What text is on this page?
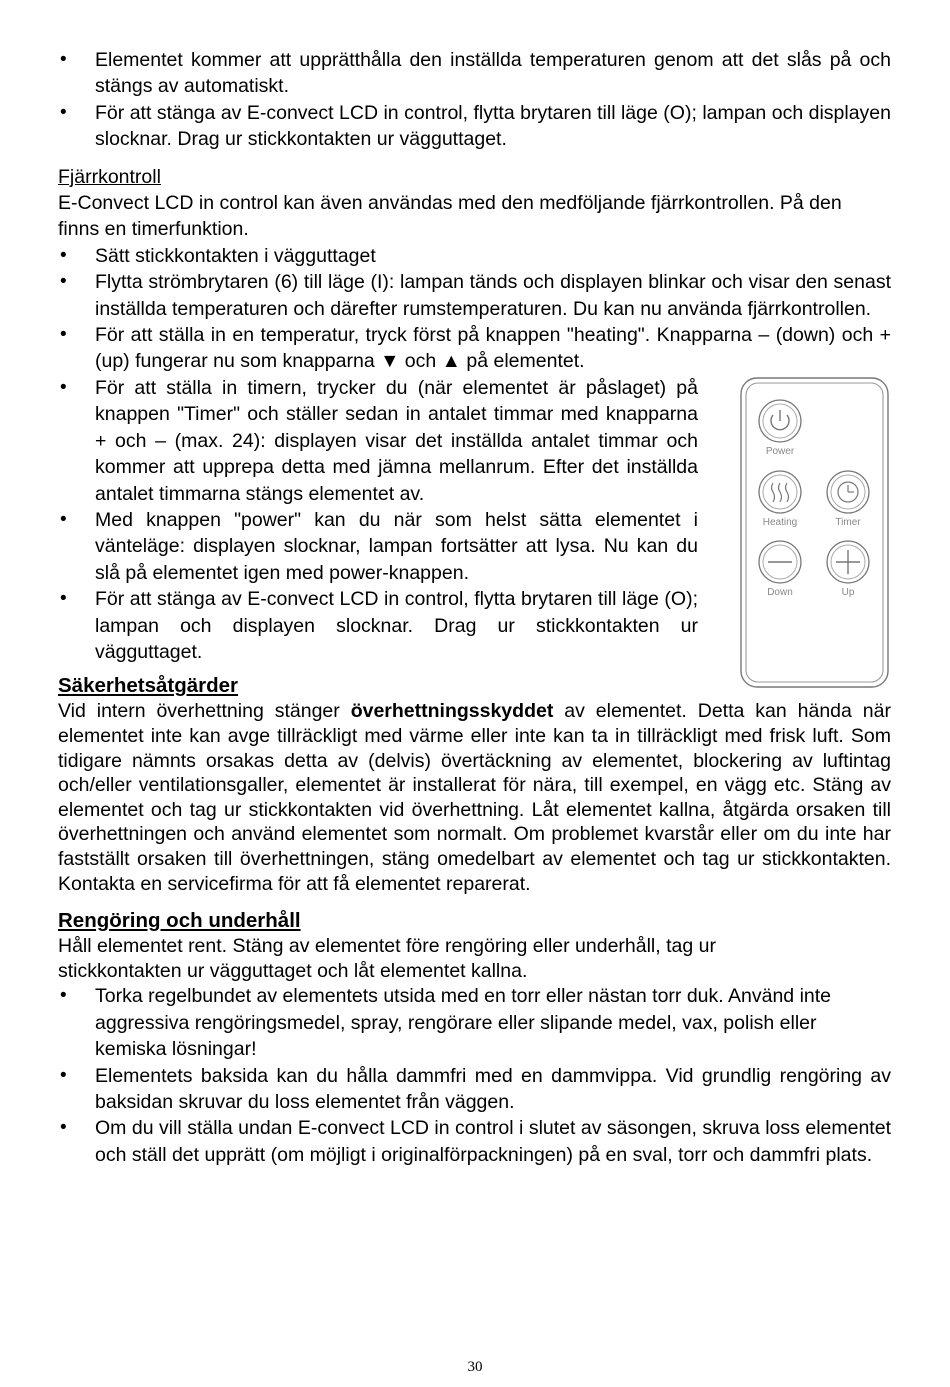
• Elementet kommer att upprätthålla den inställda temperaturen genom att det slås på och stängs av automatiskt.
• För att stänga av E-convect LCD in control, flytta brytaren till läge (O); lampan och displayen slocknar. Drag ur stickkontakten ur vägguttaget.

Fjärrkontroll

E-Convect LCD in control kan även användas med den medföljande fjärrkontrollen. På den finns en timerfunktion.

• Sätt stickkontakten i vägguttaget
• Flytta strömbrytaren (6) till läge (I): lampan tänds och displayen blinkar och visar den senast inställda temperaturen och därefter rumstemperaturen. Du kan nu använda fjärrkontrollen.
• För att ställa in en temperatur, tryck först på knappen "heating". Knapparna – (down) och + (up) fungerar nu som knapparna ▼ och ▲ på elementet.
• För att ställa in timern, trycker du (när elementet är påslaget) på knappen "Timer" och ställer sedan in antalet timmar med knapparna + och – (max. 24): displayen visar det inställda antalet timmar och kommer att upprepa detta med jämna mellanrum. Efter det inställda antalet timmarna stängs elementet av.
• Med knappen "power" kan du när som helst sätta elementet i vänteläge: displayen slocknar, lampan fortsätter att lysa. Nu kan du slå på elementet igen med power-knappen.
• För att stänga av E-convect LCD in control, flytta brytaren till läge (O); lampan och displayen slocknar. Drag ur stickkontakten ur vägguttaget.
Power
Heating	Timer
Down	Up
Säkerhetsåtgärder

Vid intern överhettning stänger överhettningsskyddet av elementet. Detta kan hända när elementet inte kan avge tillräckligt med värme eller inte kan ta in tillräckligt med frisk luft. Som tidigare nämnts orsakas detta av (delvis) övertäckning av elementet, blockering av luftintag och/eller ventilationsgaller, elementet är installerat för nära, till exempel, en vägg etc. Stäng av elementet och tag ur stickkontakten vid överhettning. Låt elementet kallna, åtgärda orsaken till överhettningen och använd elementet som normalt. Om problemet kvarstår eller om du inte har fastställt orsaken till överhettningen, stäng omedelbart av elementet och tag ur stickkontakten. Kontakta en servicefirma för att få elementet reparerat.

Rengöring och underhåll

Håll elementet rent. Stäng av elementet före rengöring eller underhåll, tag ur stickkontakten ur vägguttaget och låt elementet kallna.

• Torka regelbundet av elementets utsida med en torr eller nästan torr duk. Använd inte aggressiva rengöringsmedel, spray, rengörare eller slipande medel, vax, polish eller kemiska lösningar!
• Elementets baksida kan du hålla dammfri med en dammvippa. Vid grundlig rengöring av baksidan skruvar du loss elementet från väggen.
• Om du vill ställa undan E-convect LCD in control i slutet av säsongen, skruva loss elementet och ställ det upprätt (om möjligt i originalförpackningen) på en sval, torr och dammfri plats.
30
